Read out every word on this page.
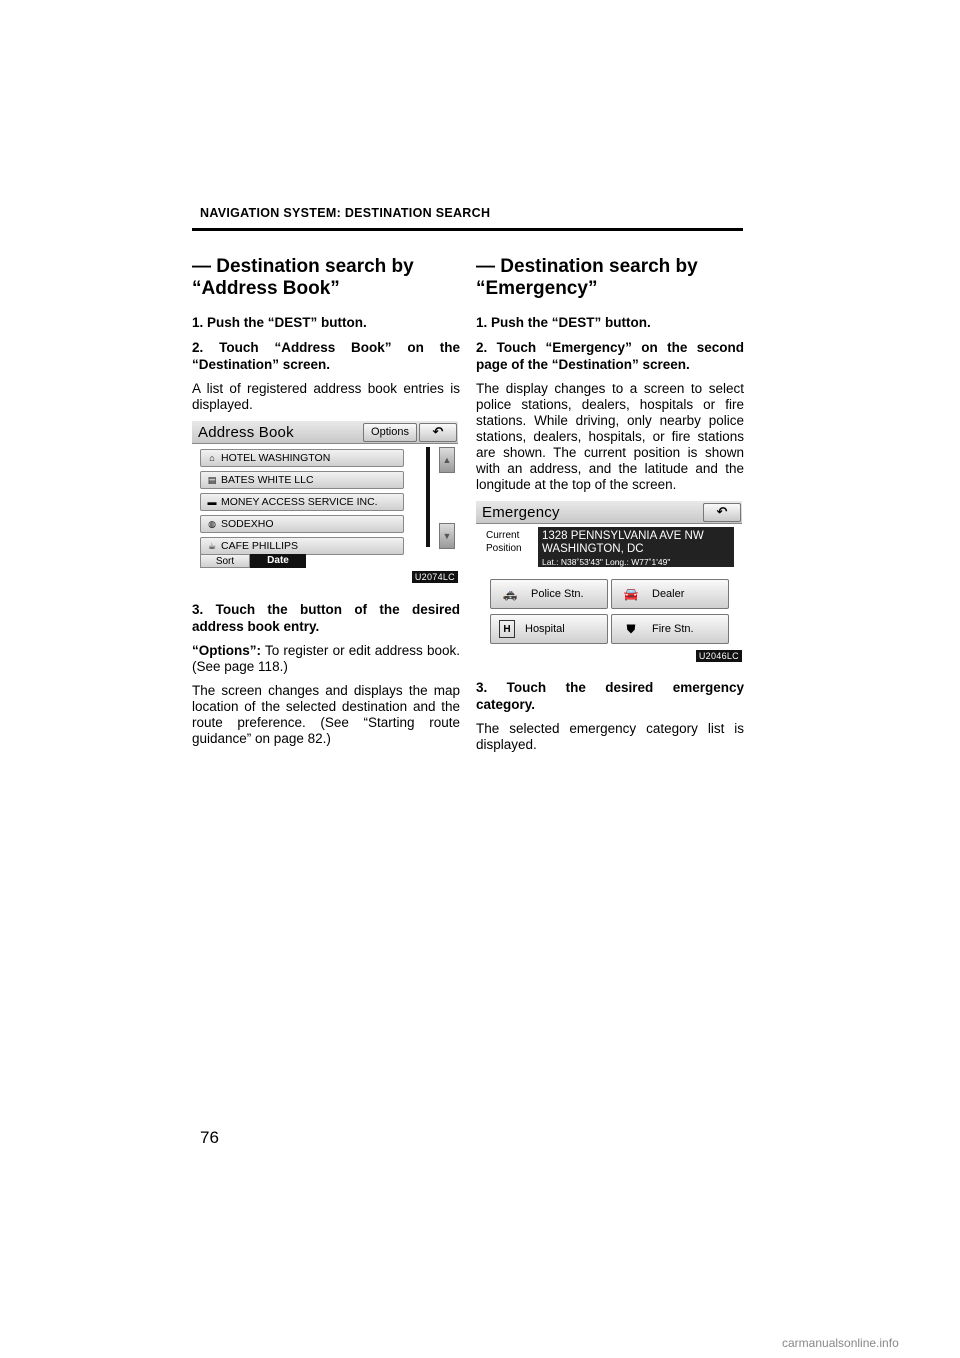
NAVIGATION SYSTEM: DESTINATION SEARCH
— Destination search by “Address Book”

1. Push the “DEST” button.

2. Touch “Address Book” on the “Destination” screen.

A list of registered address book entries is displayed.

Address Book	Options	↶
⌂ HOTEL WASHINGTON
▤ BATES WHITE LLC
▬ MONEY ACCESS SERVICE INC.
◍ SODEXHO
☕ CAFE PHILLIPS
▲
▼
Sort	Date
U2074LC

3. Touch the button of the desired address book entry.

“Options”: To register or edit address book. (See page 118.)

The screen changes and displays the map location of the selected destination and the route preference. (See “Starting route guidance” on page 82.)

— Destination search by “Emergency”

1. Push the “DEST” button.

2. Touch “Emergency” on the second page of the “Destination” screen.

The display changes to a screen to select police stations, dealers, hospitals or fire stations. While driving, only nearby police stations, dealers, hospitals, or fire stations are shown. The current position is shown with an address, and the latitude and the longitude at the top of the screen.

Emergency	↶
Current
Position
1328 PENNSYLVANIA AVE NW
WASHINGTON, DC
Lat.: N38˚53'43" Long.: W77˚1'49"
🚓	Police Stn.	🚘	Dealer
H	Hospital	⛊	Fire Stn.
U2046LC

3. Touch the desired emergency category.

The selected emergency category list is displayed.

76
carmanualsonline.info
